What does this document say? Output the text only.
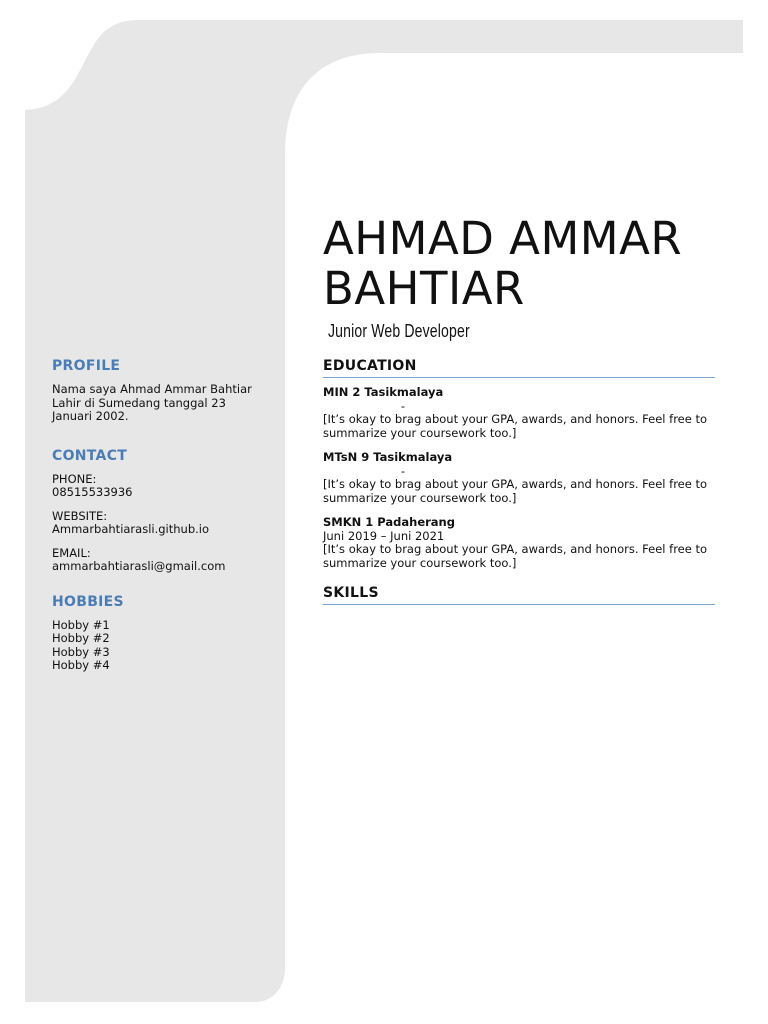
AHMAD AMMAR
BAHTIAR
Junior Web Developer
PROFILE

Nama saya Ahmad Ammar Bahtiar

Lahir di Sumedang tanggal 23

Januari 2002.

CONTACT

PHONE:

08515533936

WEBSITE:

Ammarbahtiarasli.github.io

EMAIL:

ammarbahtiarasli@gmail.com

HOBBIES

Hobby #1

Hobby #2

Hobby #3

Hobby #4

EDUCATION
MIN 2 Tasikmalaya
-
[It’s okay to brag about your GPA, awards, and honors. Feel free to
summarize your coursework too.]
MTsN 9 Tasikmalaya
-
[It’s okay to brag about your GPA, awards, and honors. Feel free to
summarize your coursework too.]
SMKN 1 Padaherang
Juni 2019 – Juni 2021
[It’s okay to brag about your GPA, awards, and honors. Feel free to
summarize your coursework too.]
SKILLS
